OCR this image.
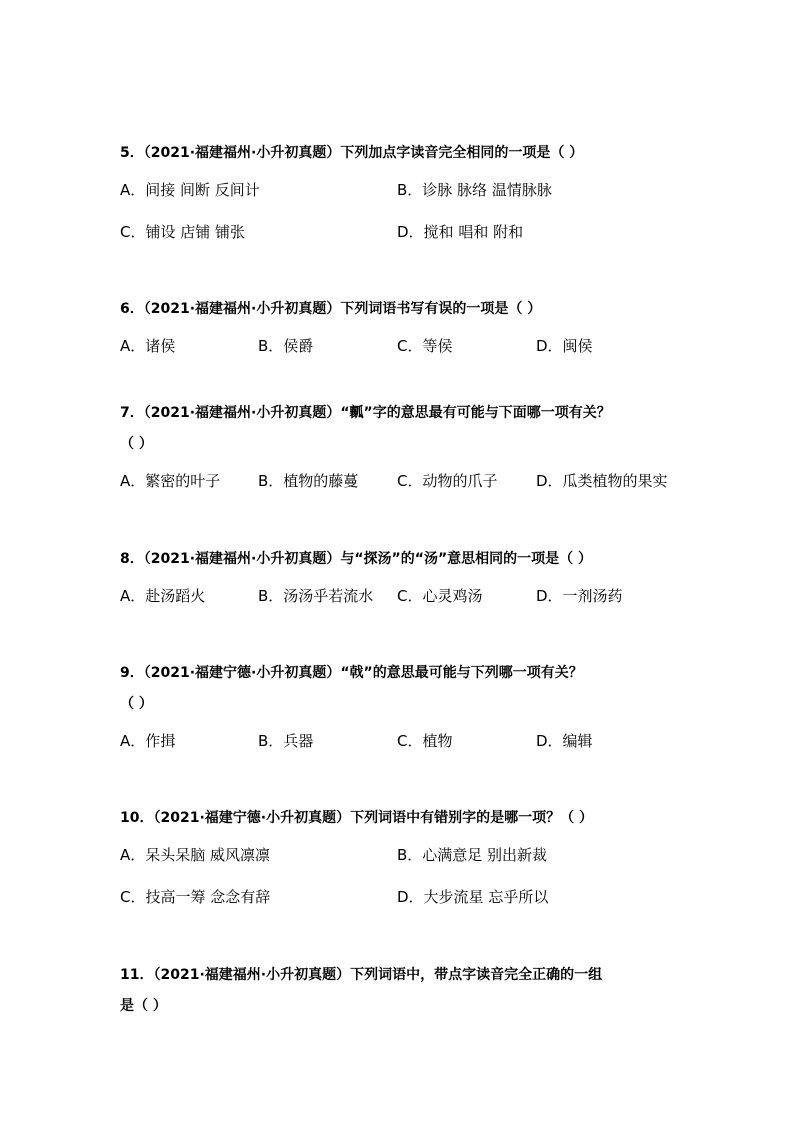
5．（2021·福建福州·小升初真题）下列加点字读音完全相同的一项是（ ）
A．间接 间断 反间计	B．诊脉 脉络 温情脉脉
C．铺设 店铺 铺张	D．搅和 唱和 附和
6．（2021·福建福州·小升初真题）下列词语书写有误的一项是（ ）
A．诸侯	B．侯爵	C．等侯	D．闽侯
7．（2021·福建福州·小升初真题）“瓤”字的意思最有可能与下面哪一项有关？
（ ）
A．繁密的叶子	B．植物的藤蔓	C．动物的爪子	D．瓜类植物的果实
8．（2021·福建福州·小升初真题）与“探汤”的“汤”意思相同的一项是（ ）
A．赴汤蹈火	B．汤汤乎若流水 C．心灵鸡汤	D．一剂汤药
9．（2021·福建宁德·小升初真题）“戟”的意思最可能与下列哪一项有关？
（ ）
A．作揖	B．兵器	C．植物	D．编辑
10．（2021·福建宁德·小升初真题）下列词语中有错别字的是哪一项？（ ）
A．呆头呆脑 威风凛凛	B．心满意足 别出新裁
C．技高一筹 念念有辞	D．大步流星 忘乎所以
11．（2021·福建福州·小升初真题）下列词语中，带点字读音完全正确的一组
是（ ）
